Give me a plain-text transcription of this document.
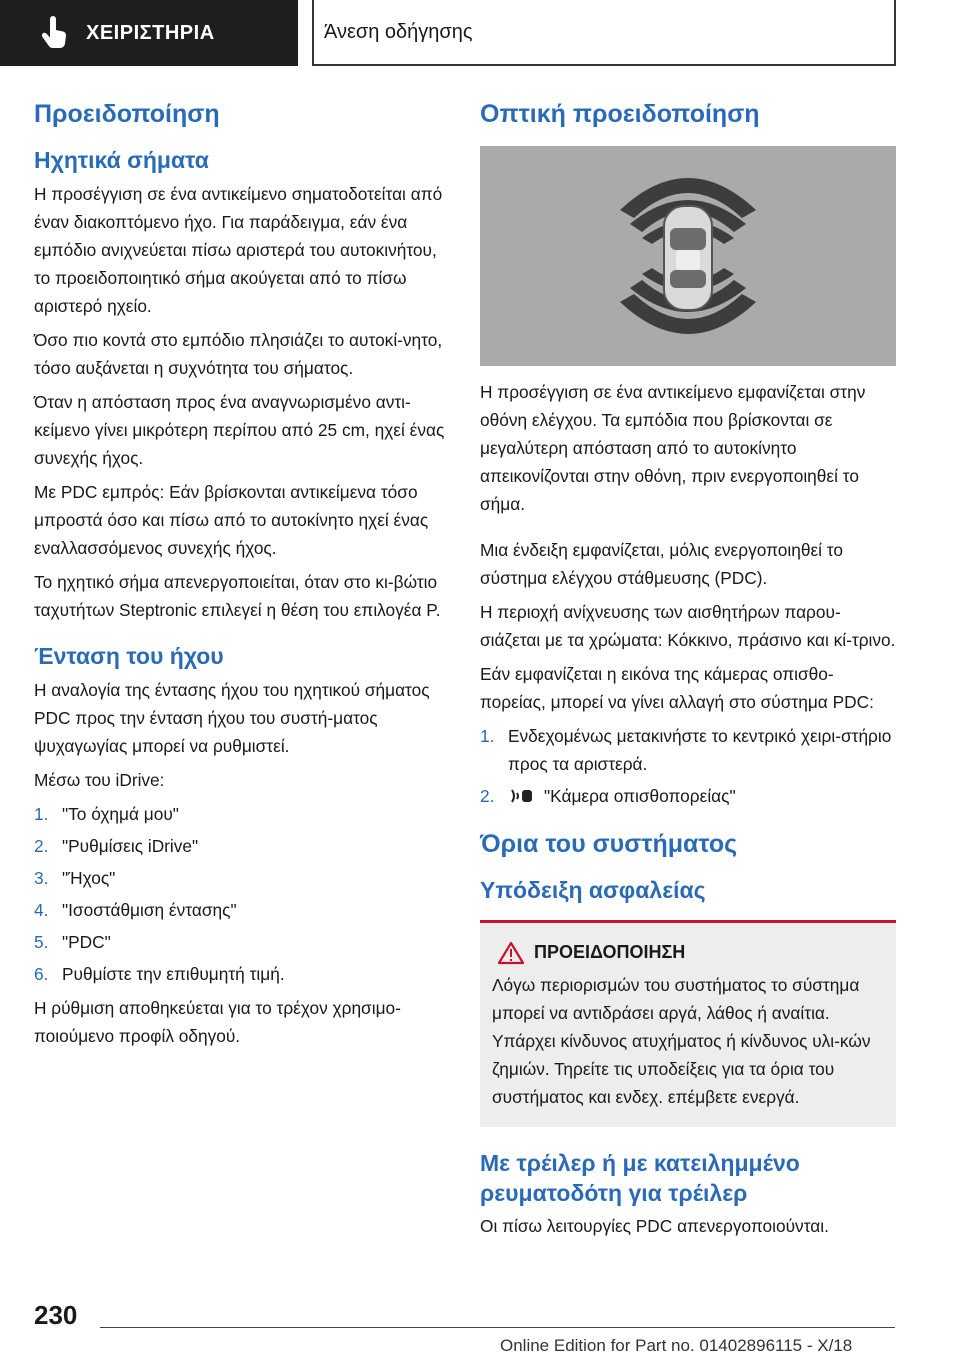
ΧΕΙΡΙΣΤΗΡΙΑ	Άνεση οδήγησης
Προειδοποίηση
Ηχητικά σήματα
Η προσέγγιση σε ένα αντικείμενο σηματοδοτείται από έναν διακοπτόμενο ήχο. Για παράδειγμα, εάν ένα εμπόδιο ανιχνεύεται πίσω αριστερά του αυτοκινήτου, το προειδοποιητικό σήμα ακούγεται από το πίσω αριστερό ηχείο.
Όσο πιο κοντά στο εμπόδιο πλησιάζει το αυτοκί-νητο, τόσο αυξάνεται η συχνότητα του σήματος.
Όταν η απόσταση προς ένα αναγνωρισμένο αντι-κείμενο γίνει μικρότερη περίπου από 25 cm, ηχεί ένας συνεχής ήχος.
Με PDC εμπρός: Εάν βρίσκονται αντικείμενα τόσο μπροστά όσο και πίσω από το αυτοκίνητο ηχεί ένας εναλλασσόμενος συνεχής ήχος.
Το ηχητικό σήμα απενεργοποιείται, όταν στο κι-βώτιο ταχυτήτων Steptronic επιλεγεί η θέση του επιλογέα P.
Ένταση του ήχου
Η αναλογία της έντασης ήχου του ηχητικού σήματος PDC προς την ένταση ήχου του συστή-ματος ψυχαγωγίας μπορεί να ρυθμιστεί.
Μέσω του iDrive:
1. "Το όχημά μου"
2. "Ρυθμίσεις iDrive"
3. "Ήχος"
4. "Ισοστάθμιση έντασης"
5. "PDC"
6. Ρυθμίστε την επιθυμητή τιμή.
Η ρύθμιση αποθηκεύεται για το τρέχον χρησιμο-ποιούμενο προφίλ οδηγού.
Οπτική προειδοποίηση
Η προσέγγιση σε ένα αντικείμενο εμφανίζεται στην οθόνη ελέγχου. Τα εμπόδια που βρίσκονται σε μεγαλύτερη απόσταση από το αυτοκίνητο απεικονίζονται στην οθόνη, πριν ενεργοποιηθεί το σήμα.
Μια ένδειξη εμφανίζεται, μόλις ενεργοποιηθεί το σύστημα ελέγχου στάθμευσης (PDC).
Η περιοχή ανίχνευσης των αισθητήρων παρου-σιάζεται με τα χρώματα: Κόκκινο, πράσινο και κί-τρινο.
Εάν εμφανίζεται η εικόνα της κάμερας οπισθο-πορείας, μπορεί να γίνει αλλαγή στο σύστημα PDC:
1. Ενδεχομένως μετακινήστε το κεντρικό χειρι-στήριο προς τα αριστερά.
2.	"Κάμερα οπισθοπορείας"
Όρια του συστήματος
Υπόδειξη ασφαλείας
ΠΡΟΕΙΔΟΠΟΙΗΣΗ
Λόγω περιορισμών του συστήματος το σύστημα μπορεί να αντιδράσει αργά, λάθος ή αναίτια. Υπάρχει κίνδυνος ατυχήματος ή κίνδυνος υλι-κών ζημιών. Τηρείτε τις υποδείξεις για τα όρια του συστήματος και ενδεχ. επέμβετε ενεργά.
Με τρέιλερ ή με κατειλημμένο ρευματοδότη για τρέιλερ
Οι πίσω λειτουργίες PDC απενεργοποιούνται.
230
Online Edition for Part no. 01402896115 - X/18
